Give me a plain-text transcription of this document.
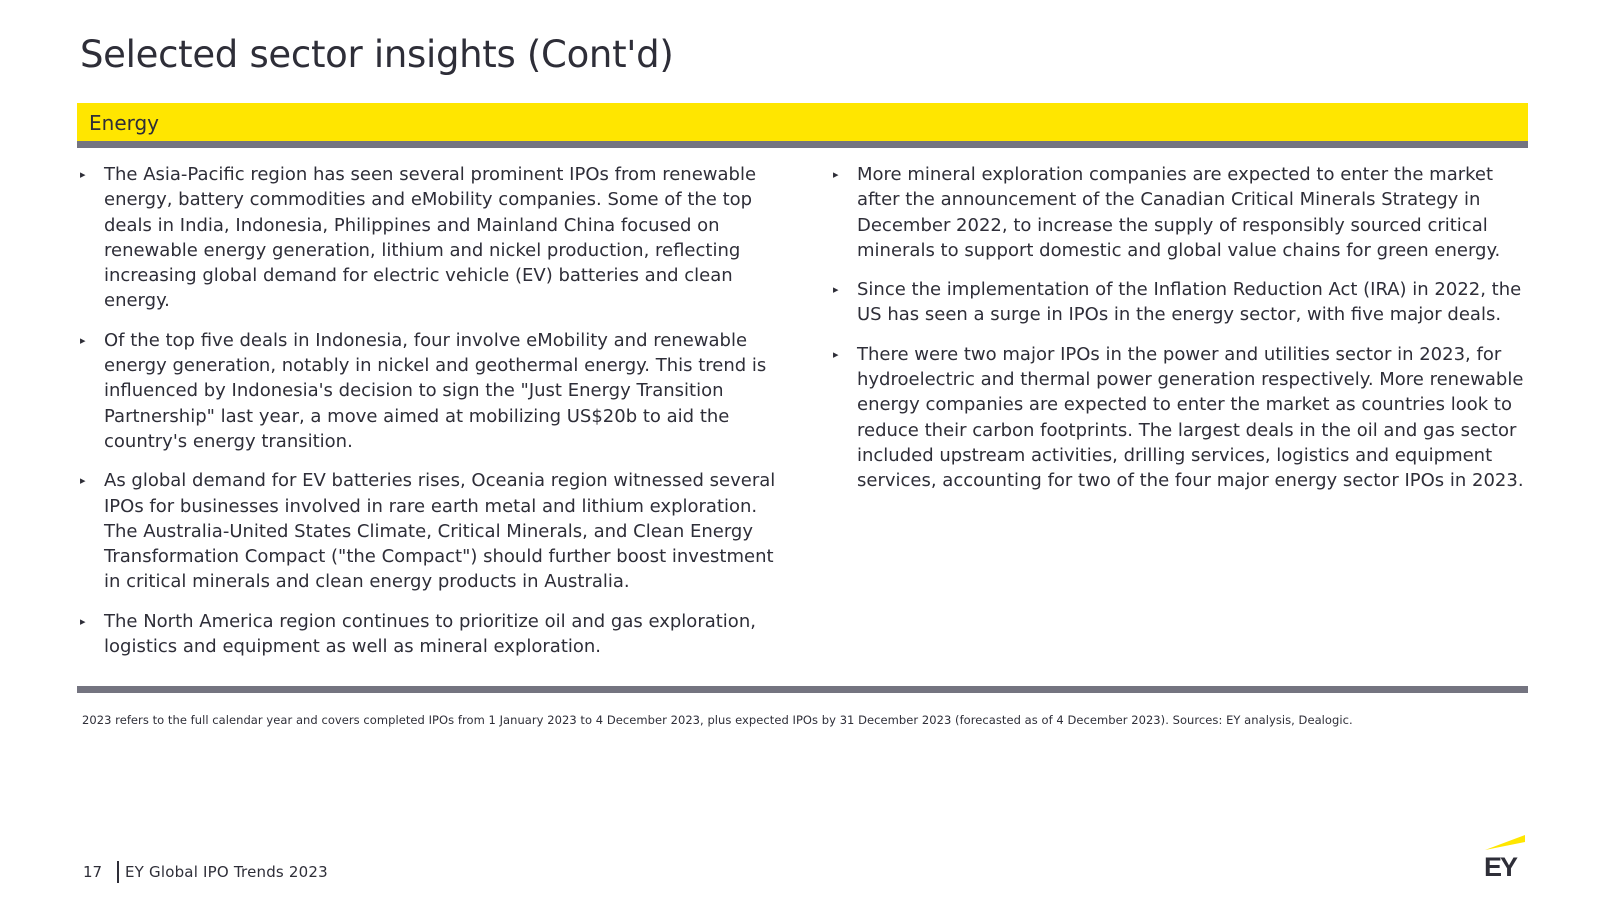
Selected sector insights (Cont'd)
Energy
▸ The Asia-Pacific region has seen several prominent IPOs from renewable energy, battery commodities and eMobility companies. Some of the top deals in India, Indonesia, Philippines and Mainland China focused on renewable energy generation, lithium and nickel production, reflecting increasing global demand for electric vehicle (EV) batteries and clean energy.
▸ Of the top five deals in Indonesia, four involve eMobility and renewable energy generation, notably in nickel and geothermal energy. This trend is influenced by Indonesia's decision to sign the "Just Energy Transition Partnership" last year, a move aimed at mobilizing US$20b to aid the country's energy transition.
▸ As global demand for EV batteries rises, Oceania region witnessed several IPOs for businesses involved in rare earth metal and lithium exploration. The Australia-United States Climate, Critical Minerals, and Clean Energy Transformation Compact ("the Compact") should further boost investment in critical minerals and clean energy products in Australia.
▸ The North America region continues to prioritize oil and gas exploration, logistics and equipment as well as mineral exploration.
▸ More mineral exploration companies are expected to enter the market after the announcement of the Canadian Critical Minerals Strategy in December 2022, to increase the supply of responsibly sourced critical minerals to support domestic and global value chains for green energy.
▸ Since the implementation of the Inflation Reduction Act (IRA) in 2022, the US has seen a surge in IPOs in the energy sector, with five major deals.
▸ There were two major IPOs in the power and utilities sector in 2023, for hydroelectric and thermal power generation respectively. More renewable energy companies are expected to enter the market as countries look to reduce their carbon footprints. The largest deals in the oil and gas sector included upstream activities, drilling services, logistics and equipment services, accounting for two of the four major energy sector IPOs in 2023.
2023 refers to the full calendar year and covers completed IPOs from 1 January 2023 to 4 December 2023, plus expected IPOs by 31 December 2023 (forecasted as of 4 December 2023). Sources: EY analysis, Dealogic.
17 EY Global IPO Trends 2023	EY
